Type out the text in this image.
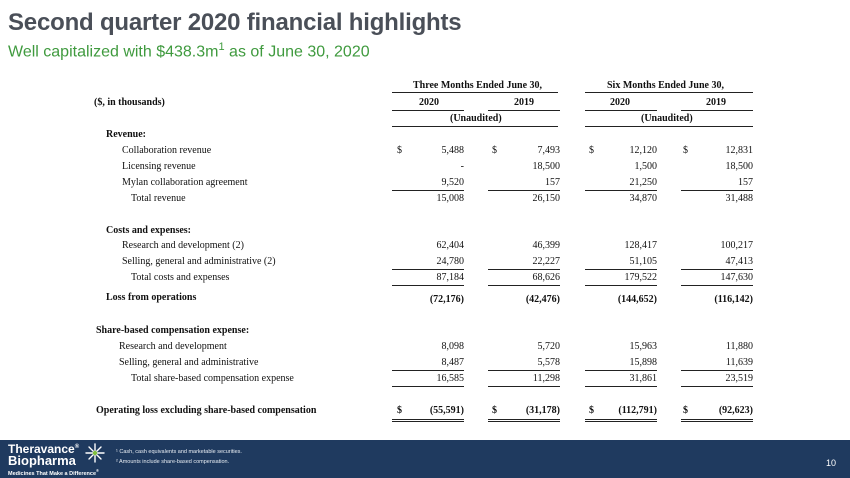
Second quarter 2020 financial highlights
Well capitalized with $\$438.3m^1$ as of June 30, 2020
Three Months Ended June 30,	Six Months Ended June 30,
($, in thousands)	2020	2019	2020	2019
(Unaudited)	(Unaudited)
Revenue:
Collaboration revenue	$	5,488	$	7,493	$	12,120	$	12,831
Licensing revenue	-	18,500	1,500	18,500
Mylan collaboration agreement	9,520	157	21,250	157
Total revenue	15,008	26,150	34,870	31,488
Costs and expenses:
Research and development (2)	62,404	46,399	128,417	100,217
Selling, general and administrative (2)	24,780	22,227	51,105	47,413
Total costs and expenses	87,184	68,626	179,522	147,630
Loss from operations	(72,176)	(42,476)	(144,652)	(116,142)
Share-based compensation expense:
Research and development	8,098	5,720	15,963	11,880
Selling, general and administrative	8,487	5,578	15,898	11,639
Total share-based compensation expense	16,585	11,298	31,861	23,519
Operating loss excluding share-based compensation	$	(55,591)	$	(31,178)	$	(112,791)	$	(92,623)
Theravance®
Biopharma
Medicines That Make a Difference®
¹ Cash, cash equivalents and marketable securities.
² Amounts include share-based compensation.	10
